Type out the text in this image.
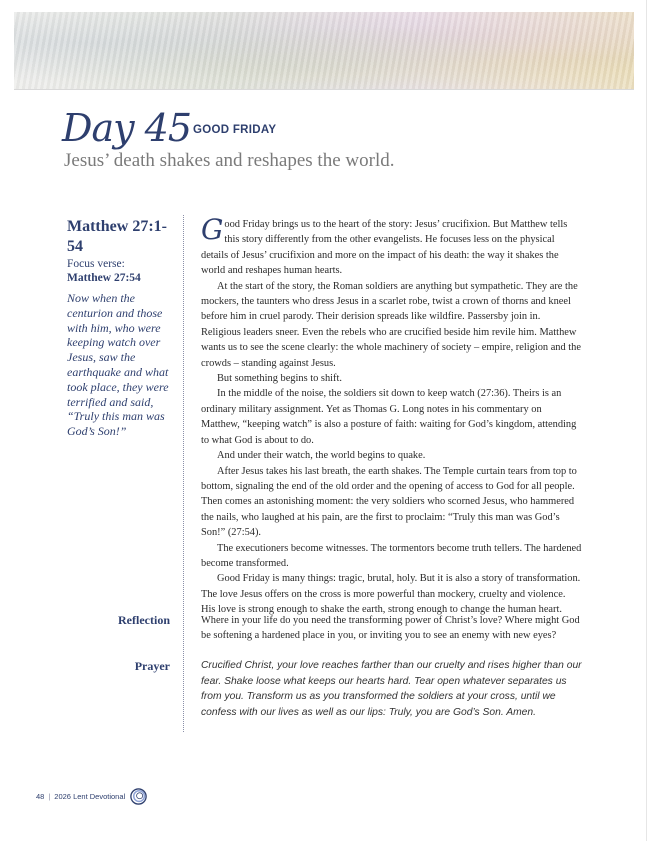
Day 45 GOOD FRIDAY
Jesus’ death shakes and reshapes the world.
Matthew 27:1-54
Focus verse:
Matthew 27:54
Now when the centurion and those with him, who were keeping watch over Jesus, saw the earthquake and what took place, they were terrified and said, “Truly this man was God’s Son!”

Good Friday brings us to the heart of the story: Jesus’ crucifixion. But Matthew tells this story differently from the other evangelists. He focuses less on the physical details of Jesus’ crucifixion and more on the impact of his death: the way it shakes the world and reshapes human hearts.

At the start of the story, the Roman soldiers are anything but sympathetic. They are the mockers, the taunters who dress Jesus in a scarlet robe, twist a crown of thorns and kneel before him in cruel parody. Their derision spreads like wildfire. Passersby join in. Religious leaders sneer. Even the rebels who are crucified beside him revile him. Matthew wants us to see the scene clearly: the whole machinery of society – empire, religion and the crowds – standing against Jesus.

But something begins to shift.

In the middle of the noise, the soldiers sit down to keep watch (27:36). Theirs is an ordinary military assignment. Yet as Thomas G. Long notes in his commentary on Matthew, “keeping watch” is also a posture of faith: waiting for God’s kingdom, attending to what God is about to do.

And under their watch, the world begins to quake.

After Jesus takes his last breath, the earth shakes. The Temple curtain tears from top to bottom, signaling the end of the old order and the opening of access to God for all people. Then comes an astonishing moment: the very soldiers who scorned Jesus, who hammered the nails, who laughed at his pain, are the first to proclaim: “Truly this man was God’s Son!” (27:54).

The executioners become witnesses. The tormentors become truth tellers. The hardened become transformed.

Good Friday is many things: tragic, brutal, holy. But it is also a story of transformation. The love Jesus offers on the cross is more powerful than mockery, cruelty and violence. His love is strong enough to shake the earth, strong enough to change the human heart.

Reflection	Where in your life do you need the transforming power of Christ’s love? Where might God be softening a hardened place in you, or inviting you to see an enemy with new eyes?
Prayer	Crucified Christ, your love reaches farther than our cruelty and rises higher than our fear. Shake loose what keeps our hearts hard. Tear open whatever separates us from you. Transform us as you transformed the soldiers at your cross, until we confess with our lives as well as our lips: Truly, you are God’s Son. Amen.
48 | 2026 Lent Devotional
